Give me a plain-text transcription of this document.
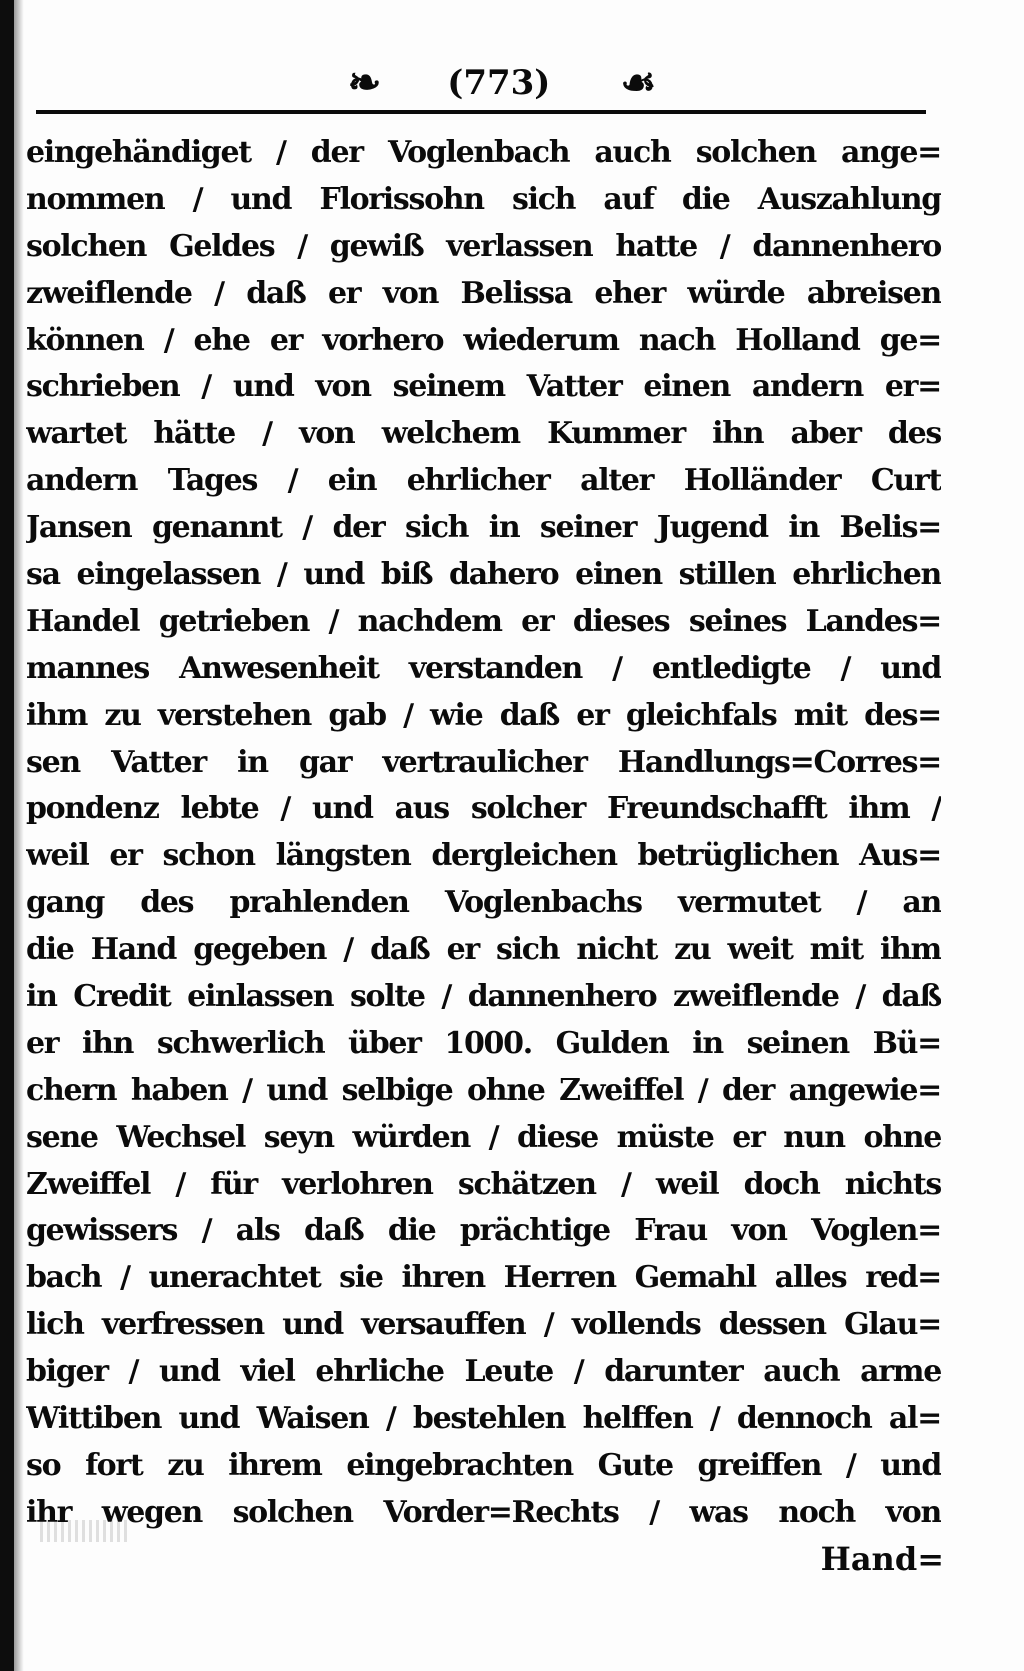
❧ (773) ☙
eingehändiget / der Voglenbach auch solchen ange=
nommen / und Florissohn sich auf die Auszahlung
solchen Geldes / gewiß verlassen hatte / dannenhero
zweiflende / daß er von Belissa eher würde abreisen
können / ehe er vorhero wiederum nach Holland ge=
schrieben / und von seinem Vatter einen andern er=
wartet hätte / von welchem Kummer ihn aber des
andern Tages / ein ehrlicher alter Holländer Curt
Jansen genannt / der sich in seiner Jugend in Belis=
sa eingelassen / und biß dahero einen stillen ehrlichen
Handel getrieben / nachdem er dieses seines Landes=
mannes Anwesenheit verstanden / entledigte / und
ihm zu verstehen gab / wie daß er gleichfals mit des=
sen Vatter in gar vertraulicher Handlungs=Corres=
pondenz lebte / und aus solcher Freundschafft ihm /
weil er schon längsten dergleichen betrüglichen Aus=
gang des prahlenden Voglenbachs vermutet / an
die Hand gegeben / daß er sich nicht zu weit mit ihm
in Credit einlassen solte / dannenhero zweiflende / daß
er ihn schwerlich über 1000. Gulden in seinen Bü=
chern haben / und selbige ohne Zweiffel / der angewie=
sene Wechsel seyn würden / diese müste er nun ohne
Zweiffel / für verlohren schätzen / weil doch nichts
gewissers / als daß die prächtige Frau von Voglen=
bach / unerachtet sie ihren Herren Gemahl alles red=
lich verfressen und versauffen / vollends dessen Glau=
biger / und viel ehrliche Leute / darunter auch arme
Wittiben und Waisen / bestehlen helffen / dennoch al=
so fort zu ihrem eingebrachten Gute greiffen / und
ihr wegen solchen Vorder=Rechts / was noch von
Hand=
